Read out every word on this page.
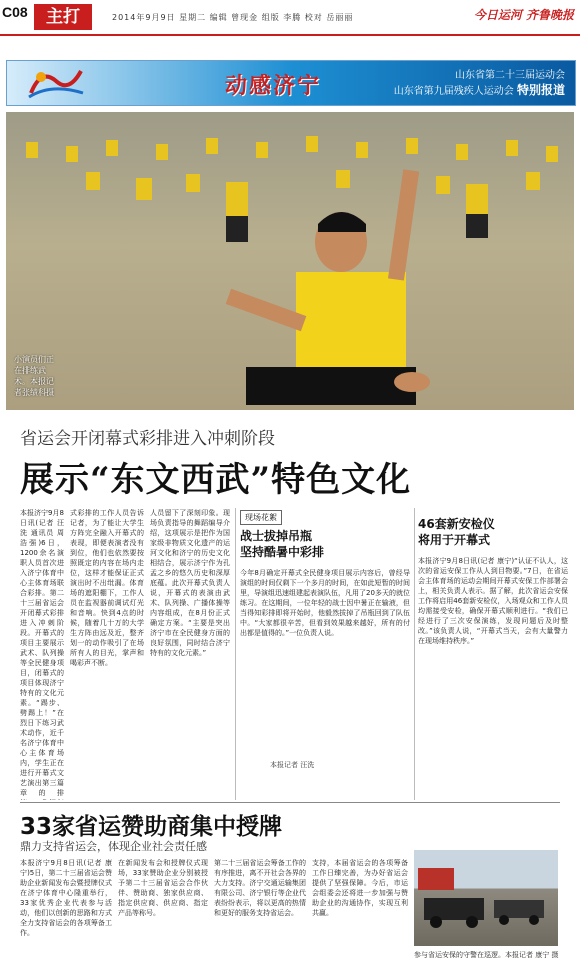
C08	主打	2014年9月9日 星期二 编辑 曾现金 组版 李腾 校对 岳丽丽	今日运河 齐鲁晚报
动感济宁	山东省第二十三届运动会
山东省第九届残疾人运动会 特别报道
小演员们正在排练武术。本报记者张绩科摄
省运会开闭幕式彩排进入冲刺阶段
展示“东文西武”特色文化
本报济宁9月8日讯(记者 汪洗 通讯员 周浩强)6日，1200余名演职人员首次进入济宁体育中心主体育场联合彩排。第二十三届省运会开闭幕式彩排进入冲刺阶段。开幕式的项目主要展示武术、队列操等全民健身项目，闭幕式的项目体现济宁特有的文化元素。“踢步、劈踢上！”在烈日下练习武术动作，近千名济宁体育中心主体育场内，学生正在进行开幕式文艺演出第三篇章的排
式彩排的工作人员告诉记者，为了能让大学生方阵完全融入开幕式的表现，即便表演者没有到位，他们也依然要按照既定的内容在场内走位，这样才能保证正式演出时不出纰漏。体育场的遮阳棚下，工作人员在监视器前调试灯光和音响。快到4点的时候，随着几十万的大学生方阵由远及近，整齐划一的动作吸引了在场所有人的目光，掌声和喝彩声不断。
人员留下了深刻印象。现场负责指导的舞蹈编导介绍，这项展示是把作为国家级非物质文化遗产的运河文化和济宁的历史文化相结合，展示济宁作为孔孟之乡的悠久历史和深厚底蕴。此次开幕式负责人说，开幕式的表演由武术、队列操、广播体操等内容组成，在8月份正式确定方案。“主要是突出济宁市在全民健身方面的良好氛围，同时结合济宁特有的文化元素。”
现场花絮
战士拔掉吊瓶
坚持酷暑中彩排
今年8月确定开幕式全民健身项目展示内容后，曾经导演组的时间仅剩下一个多月的时间，在如此短暂的时间里，导演组迅速组建起表演队伍，凡用了20多天的就位练习。在这期间，一位年轻的战士因中暑正在输液，但当得知彩排即将开始时，他毅然拔掉了吊瓶回到了队伍中。“大家都很辛苦，但看到效果越来越好，所有的付出都是值得的。”一位负责人说。
本报记者 汪洗
46套新安检仪
将用于开幕式
本报济宁9月8日讯(记者 康宁)“认证不认人，这次的省运安保工作从人到目物要。”7日，在省运会主体育场的运动会期间开幕式安保工作部署会上，相关负责人表示。据了解，此次省运会安保工作将启用46套新安检仪，入场观众和工作人员均需接受安检，确保开幕式顺利进行。“我们已经进行了三次安保演练，发现问题后及时整改。”该负责人说，“开幕式当天，会有大量警力在现场维持秩序。”
33家省运赞助商集中授牌
鼎力支持省运会，体现企业社会责任感
本报济宁9月8日讯(记者 康宁)5日，第二十三届省运会赞助企业新闻发布会暨授牌仪式在济宁体育中心隆重举行，33家优秀企业代表参与活动，他们以创新的思路和方式全力支持省运会的各项筹备工作。
在新闻发布会和授牌仪式现场，33家赞助企业分别被授予第二十三届省运会合作伙伴、赞助商、独家供应商、指定供应商、供应商、指定产品等称号。
第二十三届省运会筹备工作的有序推进，离不开社会各界的大力支持。济宁交通运输集团有限公司、济宁银行等企业代表纷纷表示，将以更高的热情和更好的服务支持省运会。
支持，本届省运会的各项筹备工作日臻完善，为办好省运会提供了坚强保障。今后，市运会组委会还将进一步加强与赞助企业的沟通协作，实现互利共赢。
参与省运安保的守警在巡逻。本报记者 康宁 摄
